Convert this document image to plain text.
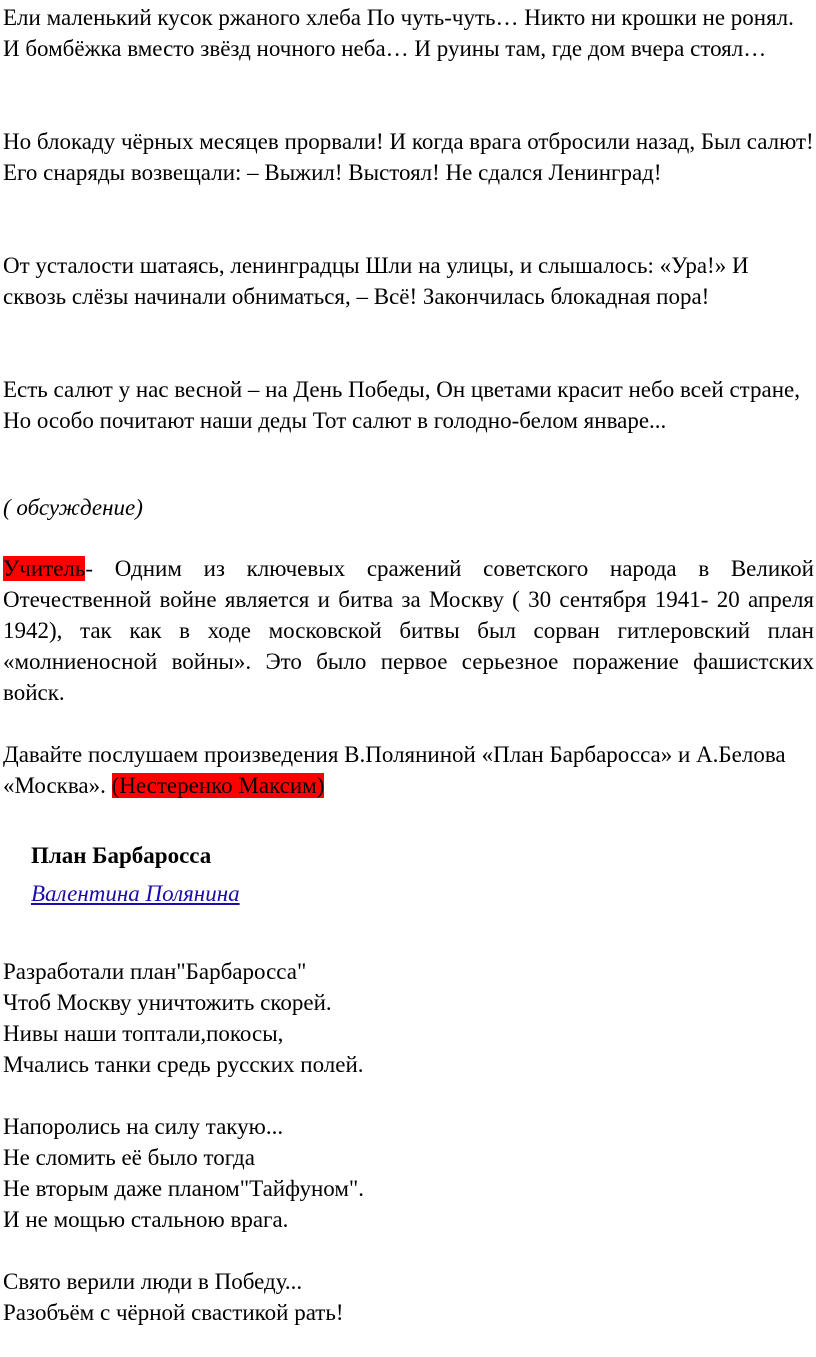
Ели маленький кусок ржаного хлеба По чуть-чуть… Никто ни крошки не ронял. И бомбёжка вместо звёзд ночного неба… И руины там, где дом вчера стоял…

Но блокаду чёрных месяцев прорвали! И когда врага отбросили назад, Был салют! Его снаряды возвещали: – Выжил! Выстоял! Не сдался Ленинград!

От усталости шатаясь, ленинградцы Шли на улицы, и слышалось: «Ура!» И сквозь слёзы начинали обниматься, – Всё! Закончилась блокадная пора!

Есть салют у нас весной – на День Победы, Он цветами красит небо всей стране, Но особо почитают наши деды Тот салют в голодно-белом январе...

( обсуждение)

Учитель- Одним из ключевых сражений советского народа в Великой Отечественной войне является и битва за Москву ( 30 сентября 1941- 20 апреля 1942), так как в ходе московской битвы был сорван гитлеровский план «молниеносной войны». Это было первое серьезное поражение фашистских войск.

Давайте послушаем произведения В.Поляниной «План Барбаросса» и А.Белова «Москва». (Нестеренко Максим)

План Барбаросса

Валентина Полянина

Разработали план"Барбаросса"
Чтоб Москву уничтожить скорей.
Нивы наши топтали,покосы,
Мчались танки средь русских полей.

Напоролись на силу такую...
Не сломить её было тогда
Не вторым даже планом"Тайфуном".
И не мощью стальною врага.

Свято верили люди в Победу...
Разобъём с чёрной свастикой рать!
